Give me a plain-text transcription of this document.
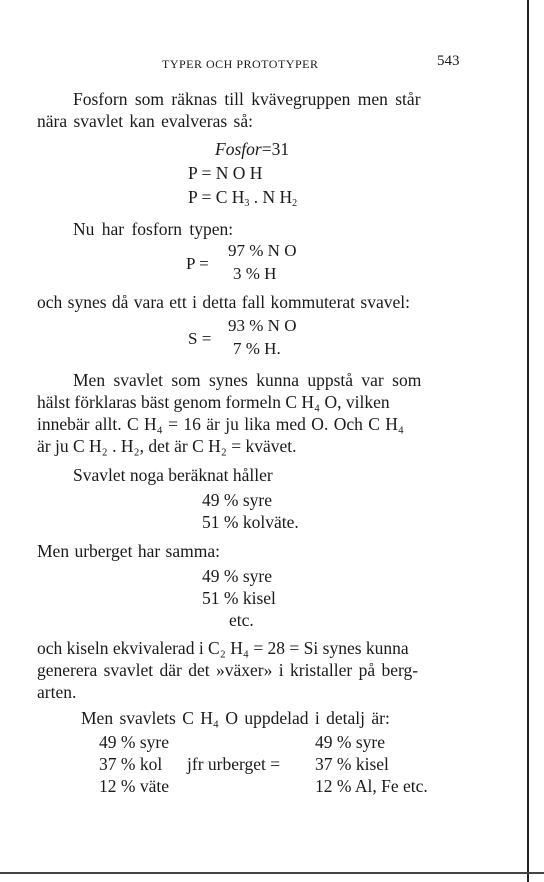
TYPER OCH PROTOTYPER	543
Fosforn som räknas till kvävegruppen men står
nära svavlet kan evalveras så:
Fosfor=31
P = N O H
P = C $H_3$ . N $H_2$
Nu har fosforn typen:
P =
97 % N O
3 % H
och synes då vara ett i detta fall kommuterat svavel:
S =
93 % N O
7 % H.
Men svavlet som synes kunna uppstå var som
hälst förklaras bäst genom formeln C H₄ O, vilken
innebär allt. C H₄ = 16 är ju lika med O. Och C H₄
är ju C H₂ . H₂, det är C H₂ = kvävet.
Svavlet noga beräknat håller
49 % syre
51 % kolväte.
Men urberget har samma:
49 % syre
51 % kisel
etc.
och kiseln ekvivalerad i C₂ H₄ = 28 = Si synes kunna
generera svavlet där det »växer» i kristaller på berg-
arten.
Men svavlets C H₄ O uppdelad i detalj är:
49 % syre
37 % kol
12 % väte
jfr urberget =
49 % syre
37 % kisel
12 % Al, Fe etc.
